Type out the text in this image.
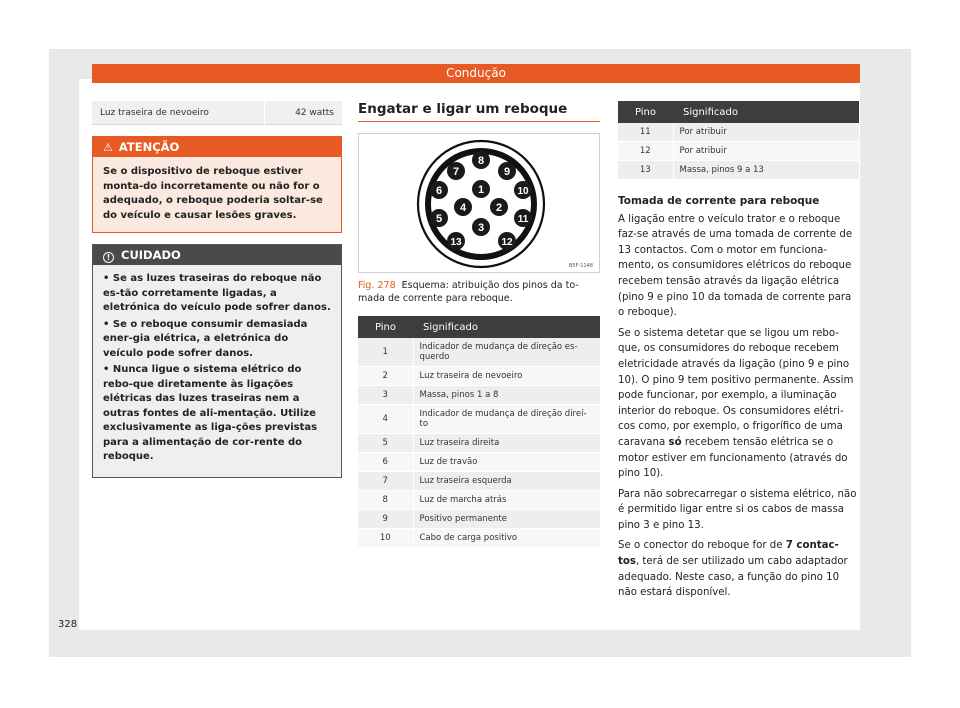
Condução
328
Luz traseira de nevoeiro	42 watts
⚠ ATENÇÃO
Se o dispositivo de reboque estiver monta-do incorretamente ou não for o adequado, o reboque poderia soltar-se do veículo e causar lesões graves.
! CUIDADO

• Se as luzes traseiras do reboque não es-tão corretamente ligadas, a eletrónica do veículo pode sofrer danos.

• Se o reboque consumir demasiada ener-gia elétrica, a eletrónica do veículo pode sofrer danos.

• Nunca ligue o sistema elétrico do rebo-que diretamente às ligações elétricas das luzes traseiras nem a outras fontes de ali-mentação. Utilize exclusivamente as liga-ções previstas para a alimentação de cor-rente do reboque.

Engatar e ligar um reboque
1
2
3
4
5
6
7
8
9
10
11
12
13
B5F-1148
Fig. 278 Esquema: atribuição dos pinos da to-mada de corrente para reboque.
Pino	Significado
1	Indicador de mudança de direção es-querdo
2	Luz traseira de nevoeiro
3	Massa, pinos 1 a 8
4	Indicador de mudança de direção direi-to
5	Luz traseira direita
6	Luz de travão
7	Luz traseira esquerda
8	Luz de marcha atrás
9	Positivo permanente
10	Cabo de carga positivo
Pino	Significado
11	Por atribuir
12	Por atribuir
13	Massa, pinos 9 a 13
Tomada de corrente para reboque

A ligação entre o veículo trator e o reboque faz-se através de uma tomada de corrente de 13 contactos. Com o motor em funciona-mento, os consumidores elétricos do reboque recebem tensão através da ligação elétrica (pino 9 e pino 10 da tomada de corrente para o reboque).

Se o sistema detetar que se ligou um rebo-que, os consumidores do reboque recebem eletricidade através da ligação (pino 9 e pino 10). O pino 9 tem positivo permanente. Assim pode funcionar, por exemplo, a iluminação interior do reboque. Os consumidores elétri-cos como, por exemplo, o frigorífico de uma caravana só recebem tensão elétrica se o motor estiver em funcionamento (através do pino 10).

Para não sobrecarregar o sistema elétrico, não é permitido ligar entre si os cabos de massa pino 3 e pino 13.

Se o conector do reboque for de 7 contac-tos, terá de ser utilizado um cabo adaptador adequado. Neste caso, a função do pino 10 não estará disponível.
